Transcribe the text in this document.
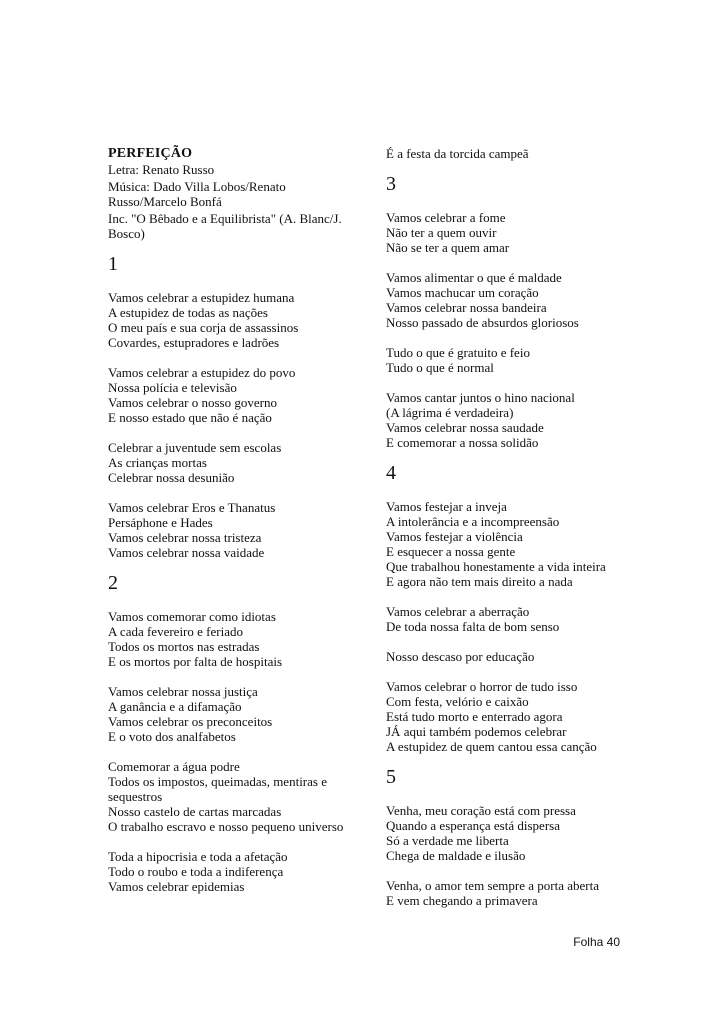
PERFEIÇÃO
Letra: Renato Russo
Música: Dado Villa Lobos/Renato Russo/Marcelo Bonfá
Inc. "O Bêbado e a Equilibrista" (A. Blanc/J. Bosco)
1
Vamos celebrar a estupidez humana
A estupidez de todas as nações
O meu país e sua corja de assassinos
Covardes, estupradores e ladrões
Vamos celebrar a estupidez do povo
Nossa polícia e televisão
Vamos celebrar o nosso governo
E nosso estado que não é nação
Celebrar a juventude sem escolas
As crianças mortas
Celebrar nossa desunião
Vamos celebrar Eros e Thanatus
Persáphone e Hades
Vamos celebrar nossa tristeza
Vamos celebrar nossa vaidade
2
Vamos comemorar como idiotas
A cada fevereiro e feriado
Todos os mortos nas estradas
E os mortos por falta de hospitais
Vamos celebrar nossa justiça
A ganância e a difamação
Vamos celebrar os preconceitos
E o voto dos analfabetos
Comemorar a água podre
Todos os impostos, queimadas, mentiras e sequestros
Nosso castelo de cartas marcadas
O trabalho escravo e nosso pequeno universo
Toda a hipocrisia e toda a afetação
Todo o roubo e toda a indiferença
Vamos celebrar epidemias
É a festa da torcida campeã
3
Vamos celebrar a fome
Não ter a quem ouvir
Não se ter a quem amar
Vamos alimentar o que é maldade
Vamos machucar um coração
Vamos celebrar nossa bandeira
Nosso passado de absurdos gloriosos
Tudo o que é gratuito e feio
Tudo o que é normal
Vamos cantar juntos o hino nacional
(A lágrima é verdadeira)
Vamos celebrar nossa saudade
E comemorar a nossa solidão
4
Vamos festejar a inveja
A intolerância e a incompreensão
Vamos festejar a violência
E esquecer a nossa gente
Que trabalhou honestamente a vida inteira
E agora não tem mais direito a nada
Vamos celebrar a aberração
De toda nossa falta de bom senso
Nosso descaso por educação
Vamos celebrar o horror de tudo isso
Com festa, velório e caixão
Está tudo morto e enterrado agora
JÁ aqui também podemos celebrar
A estupidez de quem cantou essa canção
5
Venha, meu coração está com pressa
Quando a esperança está dispersa
Só a verdade me liberta
Chega de maldade e ilusão
Venha, o amor tem sempre a porta aberta
E vem chegando a primavera
Folha 40
